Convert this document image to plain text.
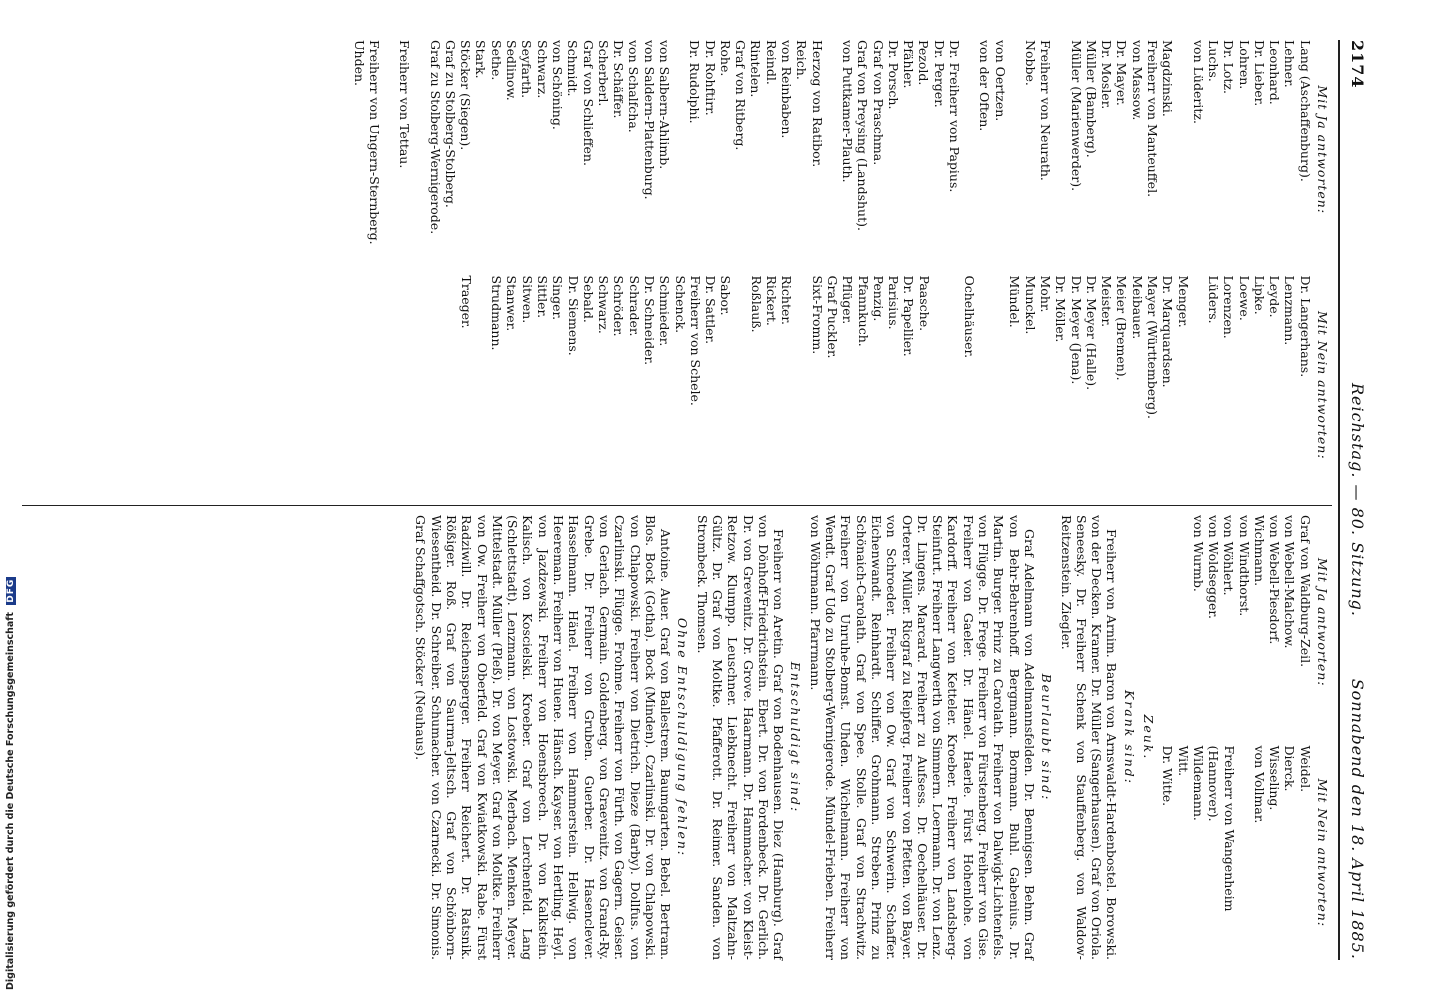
2174
Reichstag. — 80. Sitzung.
Sonnabend den 18. April 1885.
Mit Ja antworten:
Lang (Aschaffenburg).
Lehner.
Leonhard.
Dr. Lieber.
Lohren.
Dr. Lotz.
Luchs.
von Lüderitz.
Magdzinski.
Freiherr von Manteuffel.
von Massow.
Dr. Mayer.
Dr. Mosler.
Müller (Bamberg).
Müller (Marienwerder).
Freiherr von Neurath.
Nobbe.
von Oertzen.
von der Often.
Dr. Freiherr von Papius.
Dr. Perger.
Pezold.
Pfähler.
Dr. Porsch.
Graf von Praschma.
Graf von Preysing (Landshut).
von Puttkamer-Plauth.
Herzog von Ratibor.
Reich.
von Reinbaben.
Reindl.
Rintelen.
Graf von Ritberg.
Rohe.
Dr. Rohftirr.
Dr. Rudolphi.
von Salbern-Ahlimb.
von Saldern-Plattenburg.
von Schalfcha.
Dr. Schäffer.
Scherberl.
Graf von Schlieffen.
Schmidt.
von Schöning.
Schwarz.
Seyfarth.
Sedlinow.
Sethe.
Stark.
Stöcker (Siegen).
Graf zu Stolberg-Stolberg.
Graf zu Stolberg-Wernigerode.
Freiherr von Tettau.
Freiherr von Ungern-Sternberg.
Uhden.
Mit Nein antworten:
Dr. Langerhans.
Lenzmann.
Leyde.
Lipke.
Loewe.
Lorenzen.
Lüders.
Menger.
Dr. Marquardsen.
Mayer (Württemberg).
Meibauer.
Meier (Bremen).
Meister.
Dr. Meyer (Halle).
Dr. Meyer (Jena).
Dr. Möller.
Mohr.
Munckel.
Mündel.
Ochelhäuser.
Paasche.
Dr. Papellier.
Parisius.
Penzig.
Pfannkuch.
Pflüger.
Graf Puckler.
Sixt-Fromm.
Richter.
Rickert.
Roßlauß.
Sabor.
Dr. Sattler.
Freiherr von Schele.
Schenck.
Schmieder.
Dr. Schneider.
Schrader.
Schröder.
Schwarz.
Sebald.
Dr. Siemens.
Singer.
Sittler.
Sitwen.
Stanwer.
Strudmann.
Traeger.
Mit Ja antworten:
Graf von Waldburg-Zeil.
von Webell-Malchow.
von Webell-Piesdorf.
Wichmann.
von Windthorst.
von Wöhlert.
von Woldsegger.
von Wurmb.
Mit Nein antworten:
Weidel.
Dierck.
Wisseling.
von Vollmar.
Freiherr von Wangenheim
(Hannover).
Wildemann.
Witt.
Dr. Witte.
Zeuk.
Krank sind:

Freiherr von Arnim. Baron von Arnswaldt-Hardenbostel. Borowski. von der Decken. Kramer. Dr. Müller (Sangerhausen). Graf von Oriola. Seneesky. Dr. Freiherr Schenk von Stauffenberg. von Waldow-Reitzenstein. Ziegler.

Beurlaubt sind:

Graf Adelmann von Adelmannsfelden. Dr. Bennigsen. Behm. Graf von Behr-Behrenhoff. Bergmann. Bormann. Buhl. Gabenius. Dr. Martin. Burger. Prinz zu Carolath. Freiherr von Dalwigk-Lichtenfels. von Flügge. Dr. Frege. Freiherr von Fürstenberg. Freiherr von Gise. Freiherr von Gaeler. Dr. Hänel. Haerle. Fürst Hohenlohe. von Kardorff. Freiherr von Ketteler. Kroeber. Freiherr von Landsberg-Steinfurt. Freiherr Langwerth von Simmern. Loermann. Dr. von Lenz. Dr. Lingens. Marcard. Freiherr zu Aufsess. Dr. Oechelhäuser. Dr. Orterer. Müller. Ricgraf zu Reipferg. Freiherr von Pfetten. von Bayer. von Schroeder. Freiherr von Ow. Graf von Schwerin. Schaffer. Eichenwandt. Reinhardt. Schiffer. Grohmann. Streben. Prinz zu Schönaich-Carolath. Graf von Spee. Stolle. Graf von Strachwitz. Freiherr von Unruhe-Bomst. Uhden. Wichelmann. Freiherr von Wendt. Graf Udo zu Stolberg-Wernigerode. Mündel-Frieben. Freiherr von Wöhrmann. Pfarrmann.

Entschuldigt sind:

Freiherr von Aretin. Graf von Bodenhausen. Diez (Hamburg). Graf von Dönhoff-Friedrichstein. Ebert. Dr. von Fordenbeck. Dr. Gerlich. Dr. von Grevenitz. Dr. Grove. Haarmann. Dr. Hammacher. von Kleist-Retzow. Klumpp. Leuschner. Liebknecht. Freiherr von Maltzahn-Gültz. Dr. Graf von Moltke. Pfafferott. Dr. Reimer. Sanden. von Strombeck. Thomsen.

Ohne Entschuldigung fehlen:

Antoine. Auer. Graf von Ballestrem. Baumgarten. Bebel. Bertram. Blos. Bock (Gotha). Bock (Minden). Czarlinski. Dr. von Chlapowski. von Chlapowski. Freiherr von Dietrich. Dieze (Barby). Dollfus. von Czarlinski. Flügge. Frohme. Freiherr von Fürth. von Gagern. Geiser. von Gerlach. Germain. Goldenberg. von Graevenitz. von Grand-Ry. Grebe. Dr. Freiherr von Gruben. Guerber. Dr. Hasenclever. Hasselmann. Hänel. Freiherr von Hammerstein. Hellwig. von Heereman. Freiherr von Huene. Hänsch. Kayser. von Hertling. Heyl. von Jazdzewski. Freiherr von Hoensbroech. Dr. von Kalkstein. Kalisch. von Koscielski. Kroeber. Graf von Lerchenfeld. Lang (Schlettstadt). Lenzmann. von Lostowski. Merbach. Menken. Meyer. Mittelstadt. Müller (Pleß). Dr. von Meyer. Graf von Moltke. Freiherr von Ow. Freiherr von Oberfeld. Graf von Kwiatkowski. Rabe. Fürst Radziwill. Dr. Reichensperger. Freiherr Reichert. Dr. Ratsnik. Rößiger. Roß. Graf von Saurma-Jeltsch. Graf von Schönborn-Wiesentheid. Dr. Schreiber. Schumacher. von Czarnecki. Dr. Simonis. Graf Schaffgotsch. Stöcker (Neuhaus).

Digitalisierung gefördert durch die Deutsche Forschungsgemeinschaft DFG
